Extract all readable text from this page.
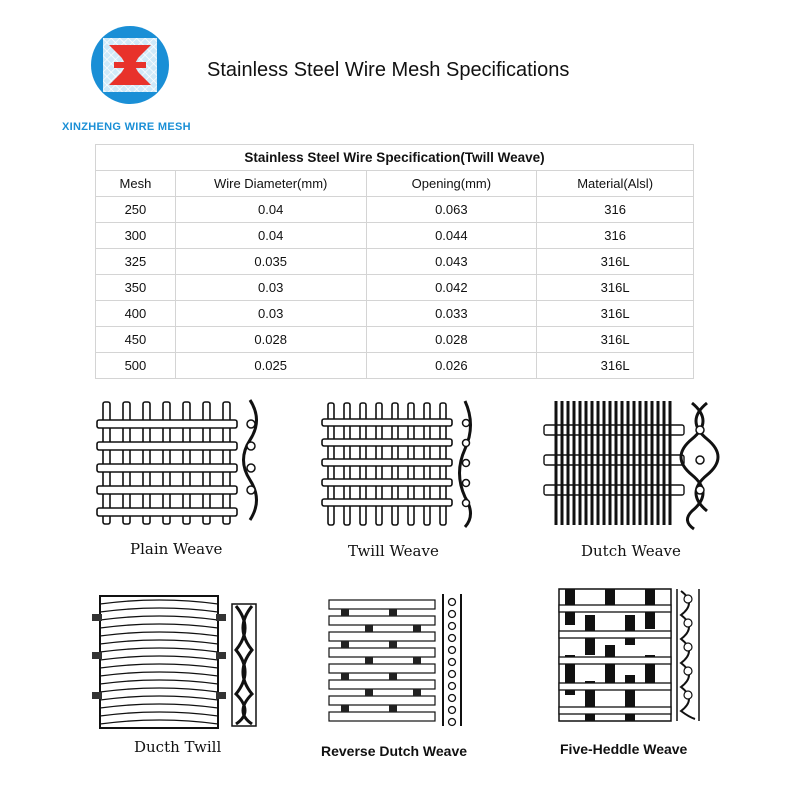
XINZHENG WIRE MESH
Stainless Steel Wire Mesh Specifications
Stainless Steel Wire Specification(Twill Weave)			
Mesh	Wire Diameter(mm)	Opening(mm)	Material(Alsl)
250	0.04	0.063	316
300	0.04	0.044	316
325	0.035	0.043	316L
350	0.03	0.042	316L
400	0.03	0.033	316L
450	0.028	0.028	316L
500	0.025	0.026	316L
Plain Weave	Twill Weave	Dutch Weave
Ducth Twill	Reverse Dutch Weave	Five-Heddle Weave
